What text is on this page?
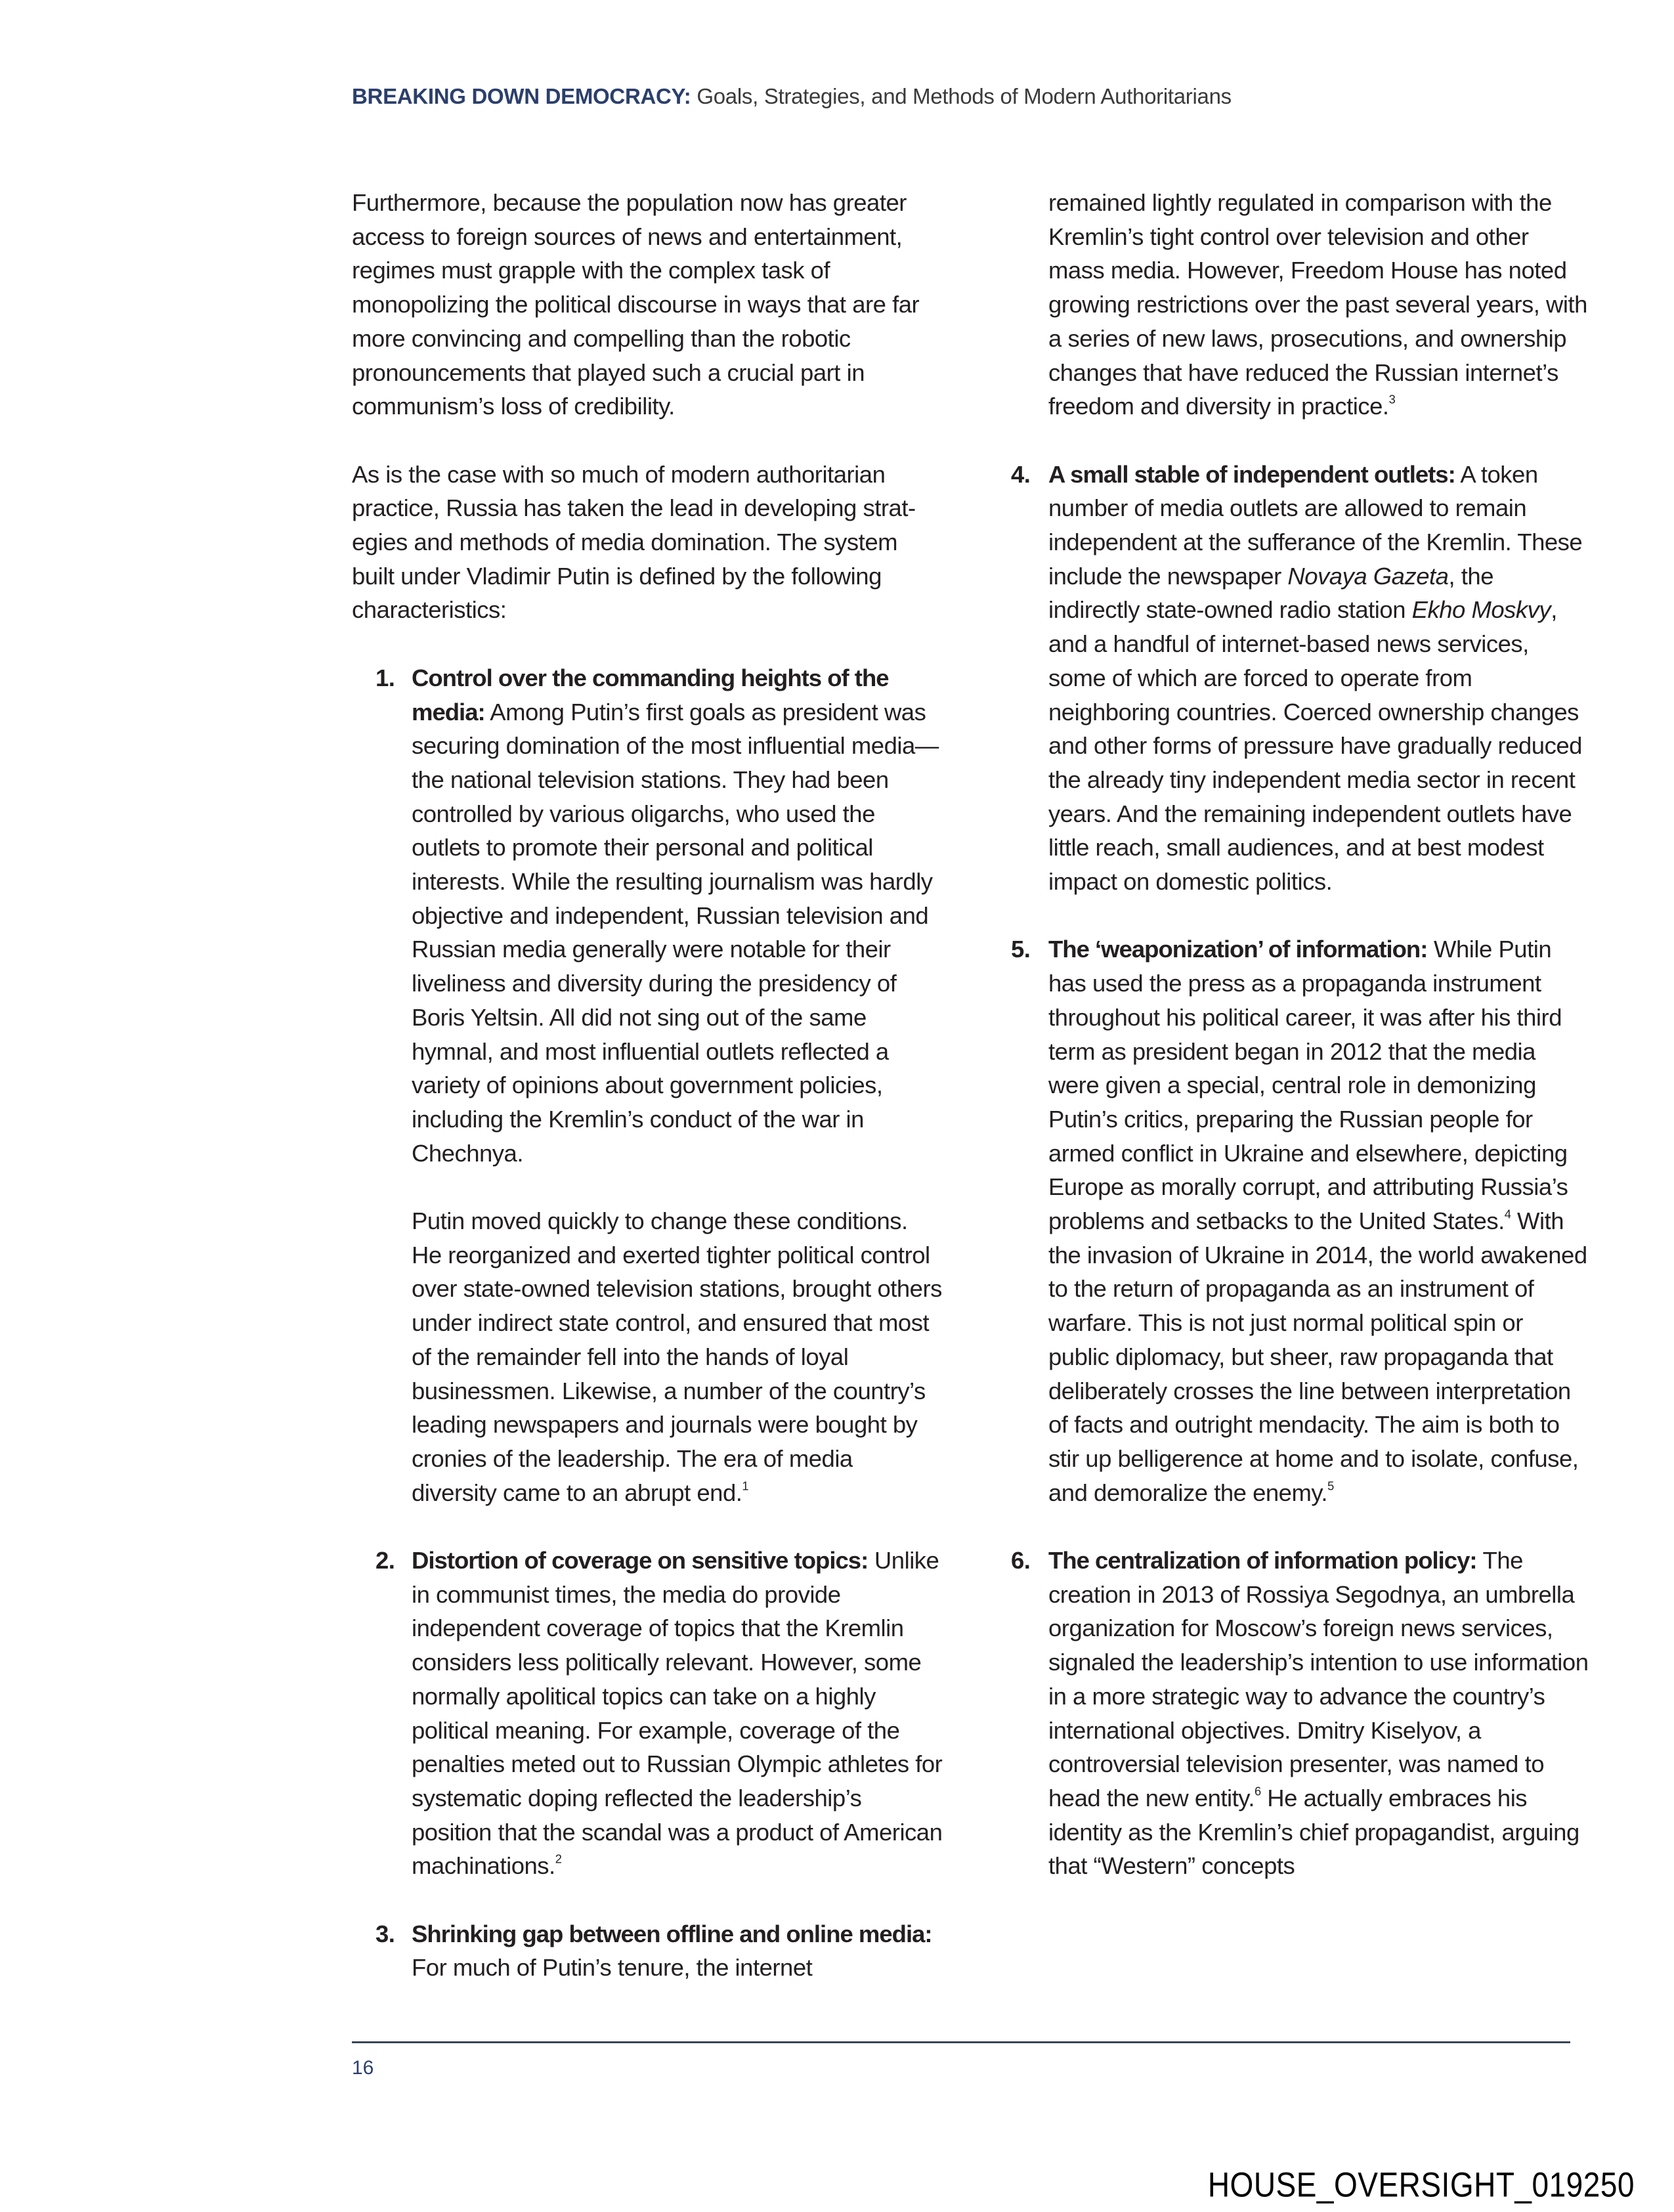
BREAKING DOWN DEMOCRACY: Goals, Strategies, and Methods of Modern Authoritarians

Furthermore, because the population now has greater access to foreign sources of news and entertainment, regimes must grapple with the complex task of monopolizing the political discourse in ways that are far more convincing and compelling than the robotic pronouncements that played such a crucial part in communism’s loss of credibility.

As is the case with so much of modern authoritarian practice, Russia has taken the lead in developing strategies and methods of media domination. The system built under Vladimir Putin is defined by the following characteristics:

1. Control over the commanding heights of the media: Among Putin’s first goals as president was securing domination of the most influential media—the national television stations. They had been controlled by various oligarchs, who used the outlets to promote their personal and political interests. While the resulting journalism was hardly objective and independent, Russian television and Russian media generally were notable for their liveliness and diversity during the presidency of Boris Yeltsin. All did not sing out of the same hymnal, and most influential outlets reflected a variety of opinions about government policies, including the Kremlin’s conduct of the war in Chechnya.
Putin moved quickly to change these conditions. He reorganized and exerted tighter political control over state-owned television stations, brought others under indirect state control, and ensured that most of the remainder fell into the hands of loyal businessmen. Likewise, a number of the country’s leading newspapers and journals were bought by cronies of the leadership. The era of media diversity came to an abrupt end.$^1$
2. Distortion of coverage on sensitive topics: Unlike in communist times, the media do provide independent coverage of topics that the Kremlin considers less politically relevant. However, some normally apolitical topics can take on a highly political meaning. For example, coverage of the penalties meted out to Russian Olympic athletes for systematic doping reflected the leadership’s position that the scandal was a product of American machinations.$^2$
3. Shrinking gap between offline and online media: For much of Putin’s tenure, the internet

remained lightly regulated in comparison with the Kremlin’s tight control over television and other mass media. However, Freedom House has noted growing restrictions over the past several years, with a series of new laws, prosecutions, and ownership changes that have reduced the Russian internet’s freedom and diversity in practice.$^3$

4. A small stable of independent outlets: A token number of media outlets are allowed to remain independent at the sufferance of the Kremlin. These include the newspaper Novaya Gazeta, the indirectly state-owned radio station Ekho Moskvy, and a handful of internet-based news services, some of which are forced to operate from neighboring countries. Coerced ownership changes and other forms of pressure have gradually reduced the already tiny independent media sector in recent years. And the remaining independent outlets have little reach, small audiences, and at best modest impact on domestic politics.
5. The ‘weaponization’ of information: While Putin has used the press as a propaganda instrument throughout his political career, it was after his third term as president began in 2012 that the media were given a special, central role in demonizing Putin’s critics, preparing the Russian people for armed conflict in Ukraine and elsewhere, depicting Europe as morally corrupt, and attributing Russia’s problems and setbacks to the United States.$^4$ With the invasion of Ukraine in 2014, the world awakened to the return of propaganda as an instrument of warfare. This is not just normal political spin or public diplomacy, but sheer, raw propaganda that deliberately crosses the line between interpretation of facts and outright mendacity. The aim is both to stir up belligerence at home and to isolate, confuse, and demoralize the enemy.$^5$
6. The centralization of information policy: The creation in 2013 of Rossiya Segodnya, an umbrella organization for Moscow’s foreign news services, signaled the leadership’s intention to use information in a more strategic way to advance the country’s international objectives. Dmitry Kiselyov, a controversial television presenter, was named to head the new entity.$^6$ He actually embraces his identity as the Kremlin’s chief propagandist, arguing that “Western” concepts
16
HOUSE_OVERSIGHT_019250
